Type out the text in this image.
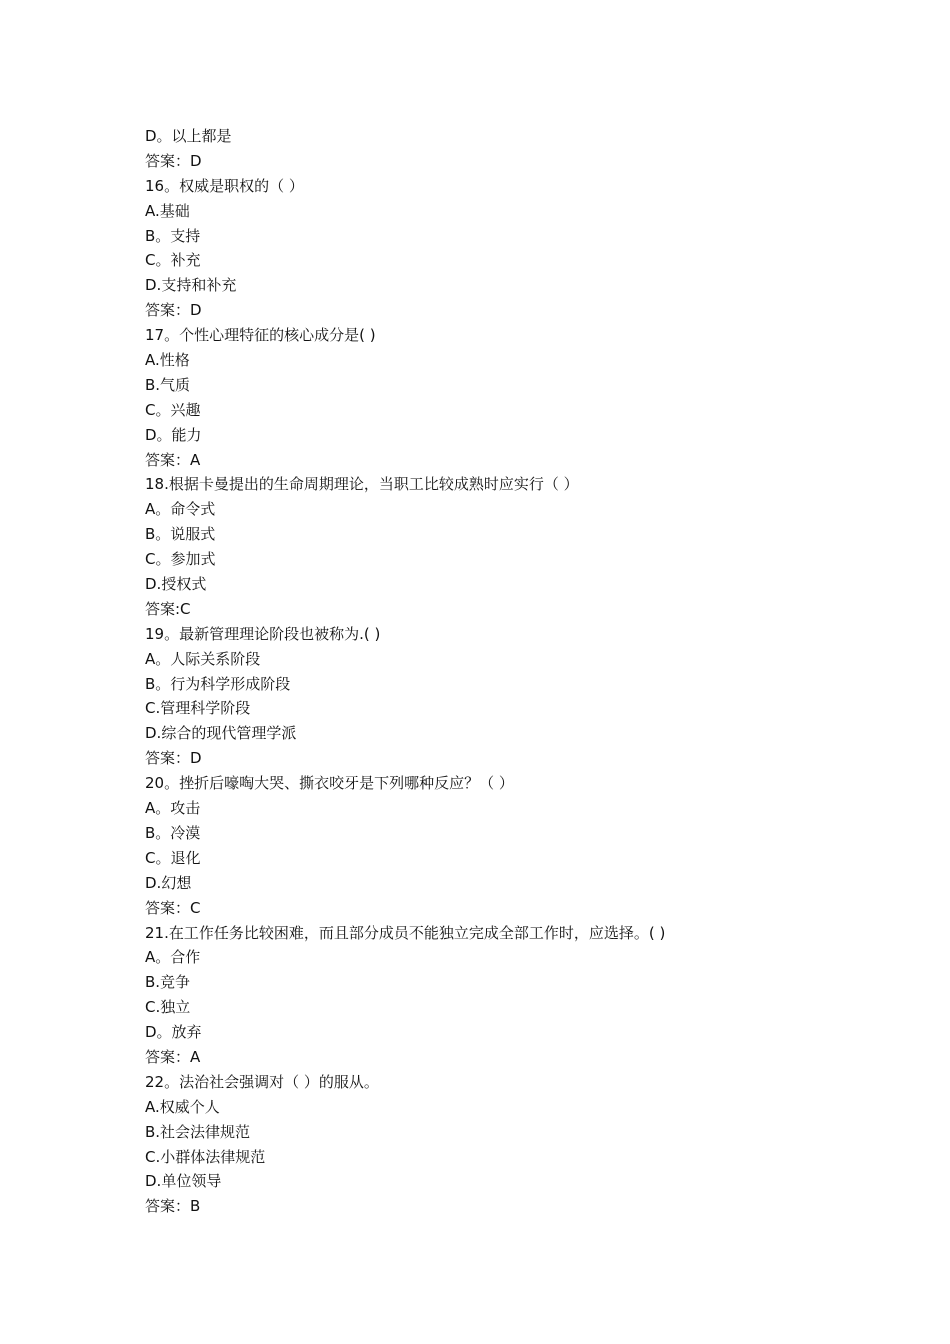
D。以上都是
答案：D
16。权威是职权的（ ）
A.基础
B。支持
C。补充
D.支持和补充
答案：D
17。个性心理特征的核心成分是( )
A.性格
B.气质
C。兴趣
D。能力
答案：A
18.根据卡曼提出的生命周期理论，当职工比较成熟时应实行（ ）
A。命令式
B。说服式
C。参加式
D.授权式
答案:C
19。最新管理理论阶段也被称为.( )
A。人际关系阶段
B。行为科学形成阶段
C.管理科学阶段
D.综合的现代管理学派
答案：D
20。挫折后嚎啕大哭、撕衣咬牙是下列哪种反应？（ ）
A。攻击
B。冷漠
C。退化
D.幻想
答案：C
21.在工作任务比较困难，而且部分成员不能独立完成全部工作时，应选择。( )
A。合作
B.竞争
C.独立
D。放弃
答案：A
22。法治社会强调对（ ）的服从。
A.权威个人
B.社会法律规范
C.小群体法律规范
D.单位领导
答案：B
